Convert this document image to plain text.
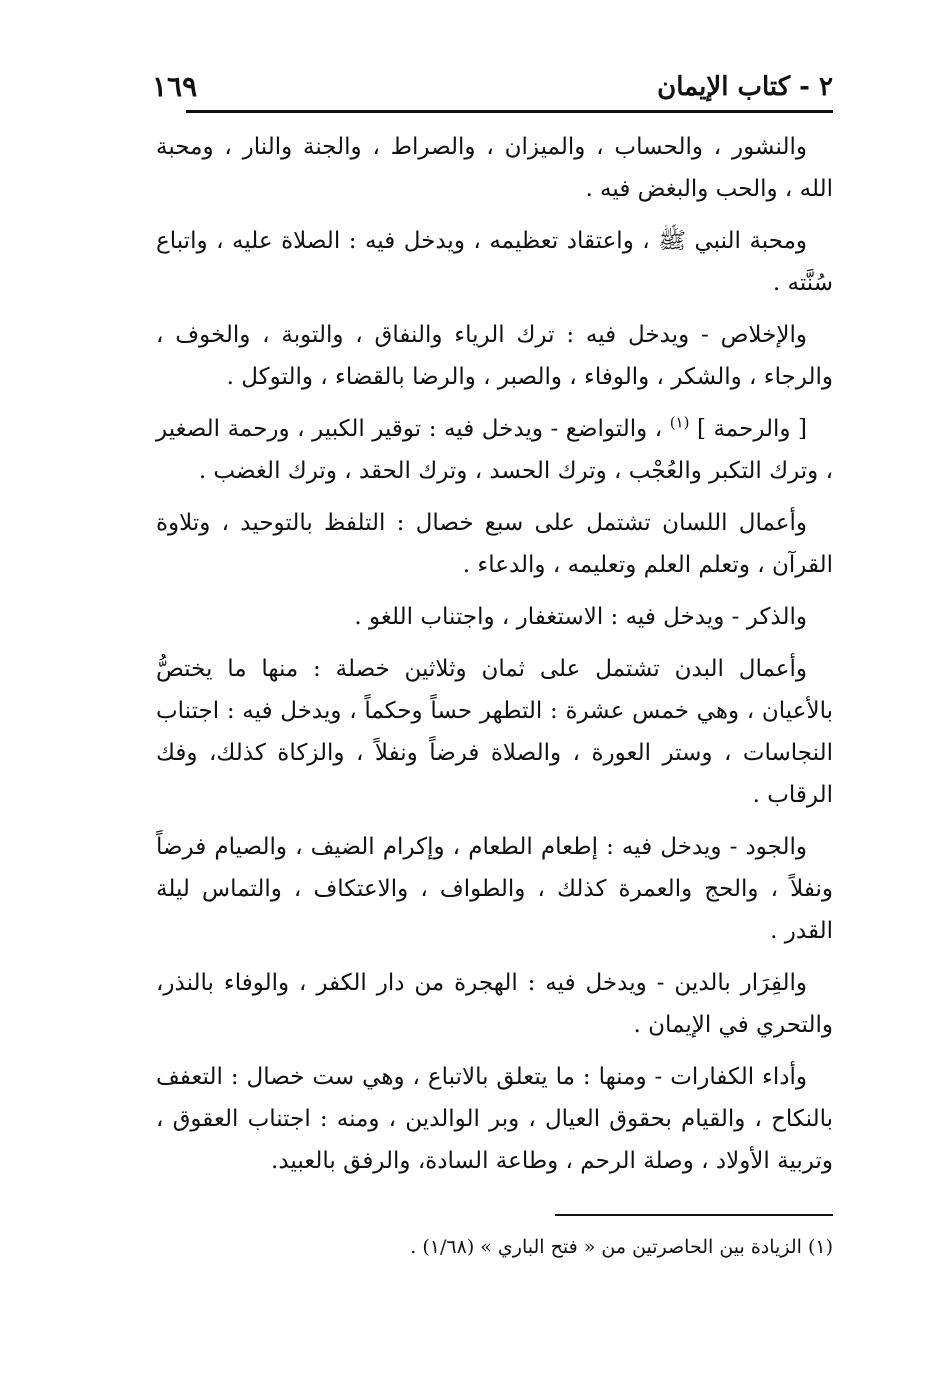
٢ - كتاب الإيمان
١٦٩

والنشور ، والحساب ، والميزان ، والصراط ، والجنة والنار ، ومحبة الله ، والحب والبغض فيه .

ومحبة النبي ﷺ ، واعتقاد تعظيمه ، ويدخل فيه : الصلاة عليه ، واتباع سُنَّته .

والإخلاص - ويدخل فيه : ترك الرياء والنفاق ، والتوبة ، والخوف ، والرجاء ، والشكر ، والوفاء ، والصبر ، والرضا بالقضاء ، والتوكل .

[ والرحمة ] $^{(١)}$ ، والتواضع - ويدخل فيه : توقير الكبير ، ورحمة الصغير ، وترك التكبر والعُجْب ، وترك الحسد ، وترك الحقد ، وترك الغضب .

وأعمال اللسان تشتمل على سبع خصال : التلفظ بالتوحيد ، وتلاوة القرآن ، وتعلم العلم وتعليمه ، والدعاء .

والذكر - ويدخل فيه : الاستغفار ، واجتناب اللغو .

وأعمال البدن تشتمل على ثمان وثلاثين خصلة : منها ما يختصُّ بالأعيان ، وهي خمس عشرة : التطهر حساً وحكماً ، ويدخل فيه : اجتناب النجاسات ، وستر العورة ، والصلاة فرضاً ونفلاً ، والزكاة كذلك، وفك الرقاب .

والجود - ويدخل فيه : إطعام الطعام ، وإكرام الضيف ، والصيام فرضاً ونفلاً ، والحج والعمرة كذلك ، والطواف ، والاعتكاف ، والتماس ليلة القدر .

والفِرَار بالدين - ويدخل فيه : الهجرة من دار الكفر ، والوفاء بالنذر، والتحري في الإيمان .

وأداء الكفارات - ومنها : ما يتعلق بالاتباع ، وهي ست خصال : التعفف بالنكاح ، والقيام بحقوق العيال ، وبر الوالدين ، ومنه : اجتناب العقوق ، وتربية الأولاد ، وصلة الرحم ، وطاعة السادة، والرفق بالعبيد.

(١) الزيادة بين الحاصرتين من « فتح الباري » (١/٦٨) .
